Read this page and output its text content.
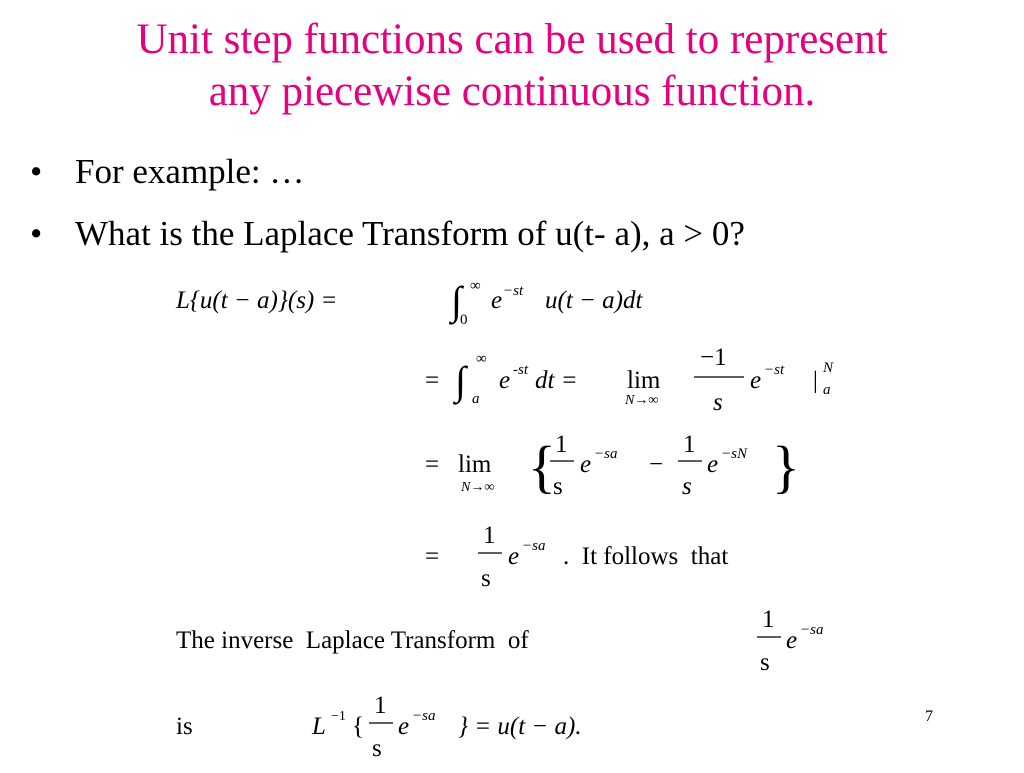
Unit step functions can be used to represent
any piecewise continuous function.
• For example: …
• What is the Laplace Transform of u(t- a), a > 0?
L{u(t − a)}(s) =	∫ ∞
0
e −st u(t − a)dt
= ∫ ∞
a
e -st dt = lim
N→∞
−1
s
e −st | N
a
= lim
N→∞ { 1
s
e −sa −
1
s
e −sN }
=
1
s
e −sa .  It follows  that
The inverse  Laplace Transform  of
1
s
e −sa
is	L −1 {
1
s
e −sa } = u(t − a).	7
